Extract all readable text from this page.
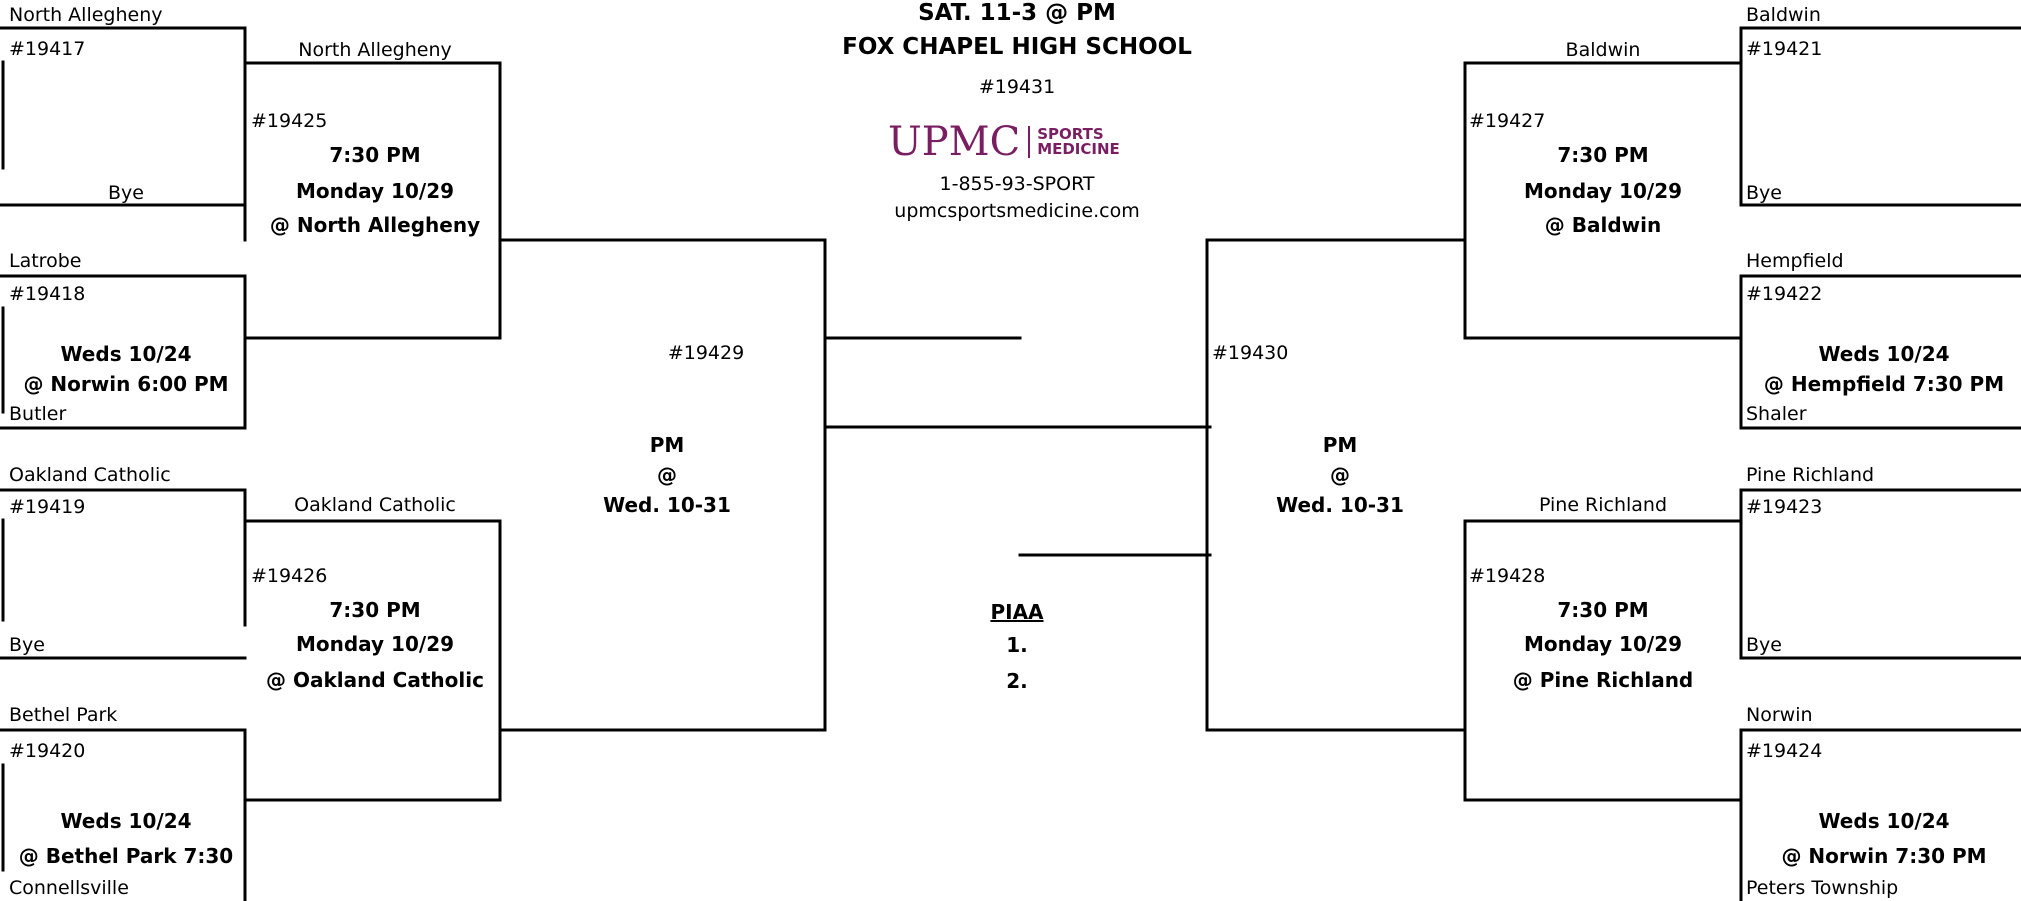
SAT. 11-3 @ PM
FOX CHAPEL HIGH SCHOOL
#19431
UPMC SPORTS
MEDICINE
1-855-93-SPORT
upmcsportsmedicine.com
PIAA
1.
2.
North Allegheny
#19417
Bye
Latrobe
#19418
Weds 10/24
@ Norwin 6:00 PM
Butler
Oakland Catholic
#19419
Bye
Bethel Park
#19420
Weds 10/24
@ Bethel Park 7:30
Connellsville
North Allegheny
#19425
7:30 PM
Monday 10/29
@ North Allegheny
Oakland Catholic
#19426
7:30 PM
Monday 10/29
@ Oakland Catholic
#19429
PM
@
Wed. 10-31
#19430
PM
@
Wed. 10-31
Baldwin
#19427
7:30 PM
Monday 10/29
@ Baldwin
Pine Richland
#19428
7:30 PM
Monday 10/29
@ Pine Richland
Baldwin
#19421
Bye
Hempfield
#19422
Weds 10/24
@ Hempfield 7:30 PM
Shaler
Pine Richland
#19423
Bye
Norwin
#19424
Weds 10/24
@ Norwin 7:30 PM
Peters Township
